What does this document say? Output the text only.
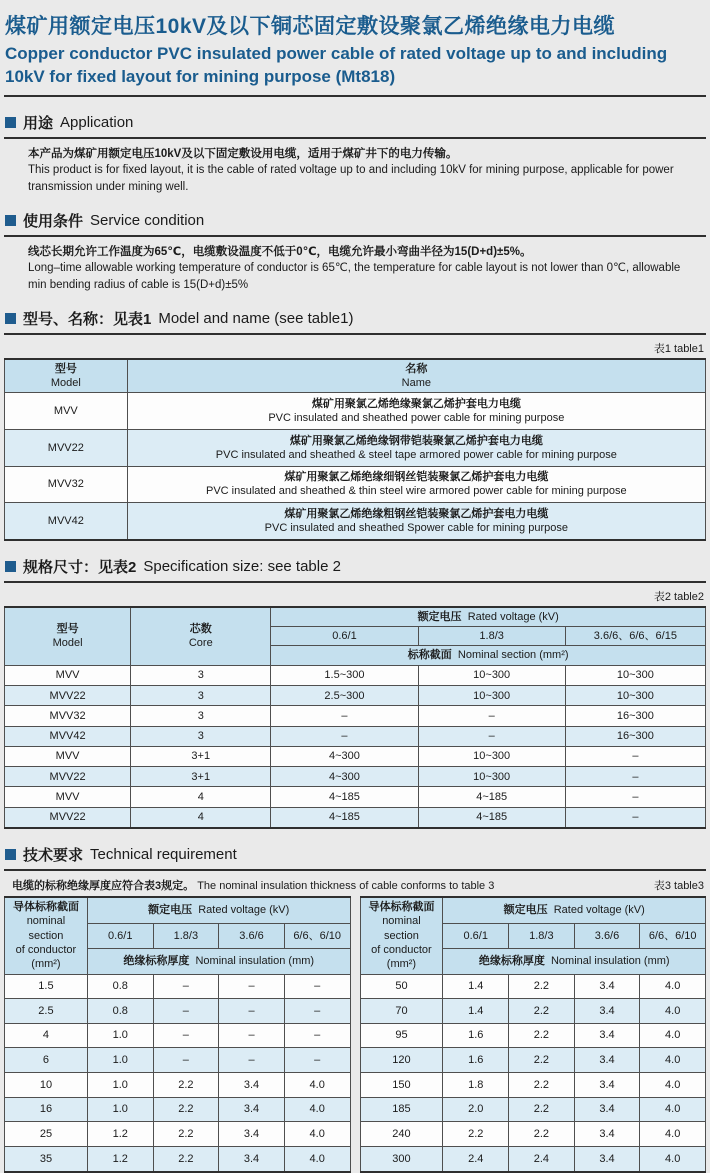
煤矿用额定电压10kV及以下铜芯固定敷设聚氯乙烯绝缘电力电缆
Copper conductor PVC insulated power cable of rated voltage up to and including 10kV for fixed layout for mining purpose (Mt818)
用途 Application
本产品为煤矿用额定电压10kV及以下固定敷设用电缆，适用于煤矿井下的电力传输。
This product is for fixed layout, it is the cable of rated voltage up to and including 10kV for mining purpose, applicable for power transmission under mining well.
使用条件 Service condition
线芯长期允许工作温度为65℃，电缆敷设温度不低于0℃，电缆允许最小弯曲半径为15(D+d)±5%。
Long–time allowable working temperature of conductor is 65℃, the temperature for cable layout is not lower than 0℃, allowable min bending radius of cable is 15(D+d)±5%
型号、名称：见表1 Model and name (see table1)
表1 table1
型号
Model

名称
Name

MVV	煤矿用聚氯乙烯绝缘聚氯乙烯护套电力电缆
PVC insulated and sheathed power cable for mining purpose

MVV22	煤矿用聚氯乙烯绝缘钢带铠装聚氯乙烯护套电力电缆
PVC insulated and sheathed & steel tape armored power cable for mining purpose

MVV32	煤矿用聚氯乙烯绝缘细钢丝铠装聚氯乙烯护套电力电缆
PVC insulated and sheathed & thin steel wire armored power cable for mining purpose

MVV42	煤矿用聚氯乙烯绝缘粗钢丝铠装聚氯乙烯护套电力电缆
PVC insulated and sheathed Spower cable for mining purpose
规格尺寸：见表2 Specification size: see table 2
表2 table2
型号
Model

芯数
Core
	额定电压 Rated voltage (kV)
		0.6/1	1.8/3	3.6/6、6/6、6/15
		标称截面 Nominal section (mm²)		
MVV	3	1.5~300	10~300	10~300
MVV22	3	2.5~300	10~300	10~300
MVV32	3	–	–	16~300
MVV42	3	–	–	16~300
MVV	3+1	4~300	10~300	–
MVV22	3+1	4~300	10~300	–
MVV	4	4~185	4~185	–
MVV22	4	4~185	4~185	–
技术要求 Technical requirement
电缆的标称绝缘厚度应符合表3规定。 The nominal insulation thickness of cable conforms to table 3	表3 table3
导体标称截面
nominal section
of conductor
(mm²)	额定电压 Rated voltage (kV)			
	0.6/1	1.8/3	3.6/6	6/6、6/10
	绝缘标称厚度 Nominal insulation (mm)			
1.5	0.8	–	–	–
2.5	0.8	–	–	–
4	1.0	–	–	–
6	1.0	–	–	–
10	1.0	2.2	3.4	4.0
16	1.0	2.2	3.4	4.0
25	1.2	2.2	3.4	4.0
35	1.2	2.2	3.4	4.0
导体标称截面
nominal section
of conductor
(mm²)	额定电压 Rated voltage (kV)			
	0.6/1	1.8/3	3.6/6	6/6、6/10
	绝缘标称厚度 Nominal insulation (mm)			
50	1.4	2.2	3.4	4.0
70	1.4	2.2	3.4	4.0
95	1.6	2.2	3.4	4.0
120	1.6	2.2	3.4	4.0
150	1.8	2.2	3.4	4.0
185	2.0	2.2	3.4	4.0
240	2.2	2.2	3.4	4.0
300	2.4	2.4	3.4	4.0
